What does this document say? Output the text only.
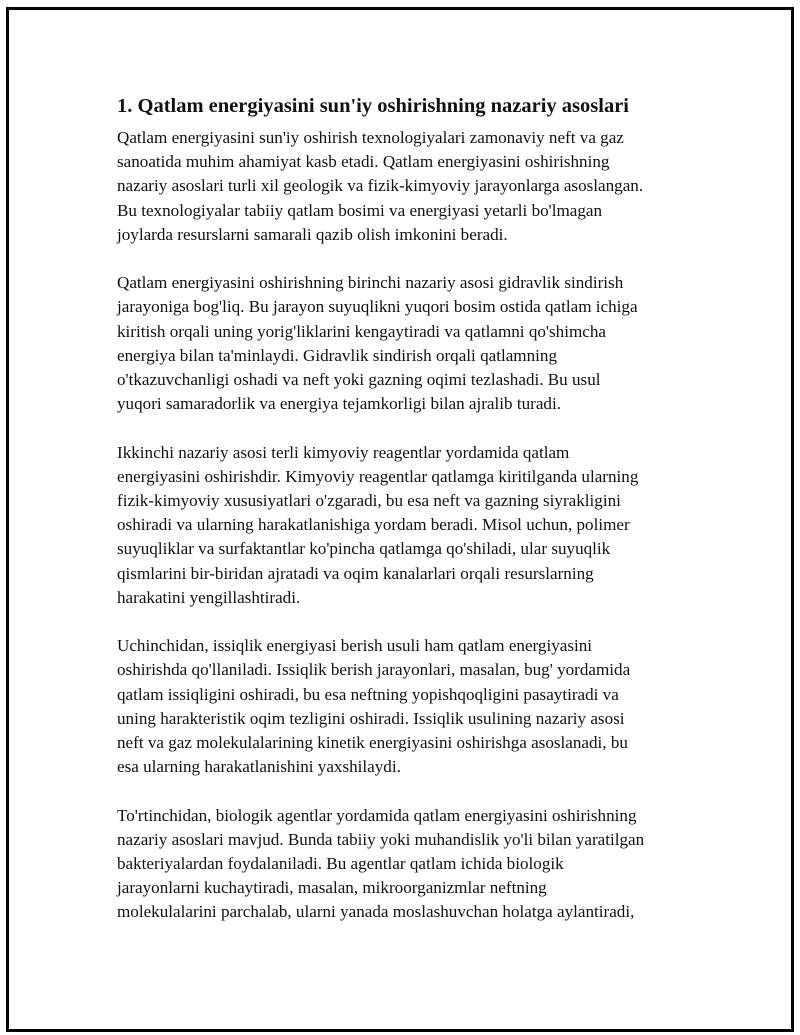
1. Qatlam energiyasini sun'iy oshirishning nazariy asoslari

Qatlam energiyasini sun'iy oshirish texnologiyalari zamonaviy neft va gaz
sanoatida muhim ahamiyat kasb etadi. Qatlam energiyasini oshirishning
nazariy asoslari turli xil geologik va fizik-kimyoviy jarayonlarga asoslangan.
Bu texnologiyalar tabiiy qatlam bosimi va energiyasi yetarli bo'lmagan
joylarda resurslarni samarali qazib olish imkonini beradi.

Qatlam energiyasini oshirishning birinchi nazariy asosi gidravlik sindirish
jarayoniga bog'liq. Bu jarayon suyuqlikni yuqori bosim ostida qatlam ichiga
kiritish orqali uning yorig'liklarini kengaytiradi va qatlamni qo'shimcha
energiya bilan ta'minlaydi. Gidravlik sindirish orqali qatlamning
o'tkazuvchanligi oshadi va neft yoki gazning oqimi tezlashadi. Bu usul
yuqori samaradorlik va energiya tejamkorligi bilan ajralib turadi.

Ikkinchi nazariy asosi terli kimyoviy reagentlar yordamida qatlam
energiyasini oshirishdir. Kimyoviy reagentlar qatlamga kiritilganda ularning
fizik-kimyoviy xususiyatlari o'zgaradi, bu esa neft va gazning siyrakligini
oshiradi va ularning harakatlanishiga yordam beradi. Misol uchun, polimer
suyuqliklar va surfaktantlar ko'pincha qatlamga qo'shiladi, ular suyuqlik
qismlarini bir-biridan ajratadi va oqim kanalarlari orqali resurslarning
harakatini yengillashtiradi.

Uchinchidan, issiqlik energiyasi berish usuli ham qatlam energiyasini
oshirishda qo'llaniladi. Issiqlik berish jarayonlari, masalan, bug' yordamida
qatlam issiqligini oshiradi, bu esa neftning yopishqoqligini pasaytiradi va
uning harakteristik oqim tezligini oshiradi. Issiqlik usulining nazariy asosi
neft va gaz molekulalarining kinetik energiyasini oshirishga asoslanadi, bu
esa ularning harakatlanishini yaxshilaydi.

To'rtinchidan, biologik agentlar yordamida qatlam energiyasini oshirishning
nazariy asoslari mavjud. Bunda tabiiy yoki muhandislik yo'li bilan yaratilgan
bakteriyalardan foydalaniladi. Bu agentlar qatlam ichida biologik
jarayonlarni kuchaytiradi, masalan, mikroorganizmlar neftning
molekulalarini parchalab, ularni yanada moslashuvchan holatga aylantiradi,
